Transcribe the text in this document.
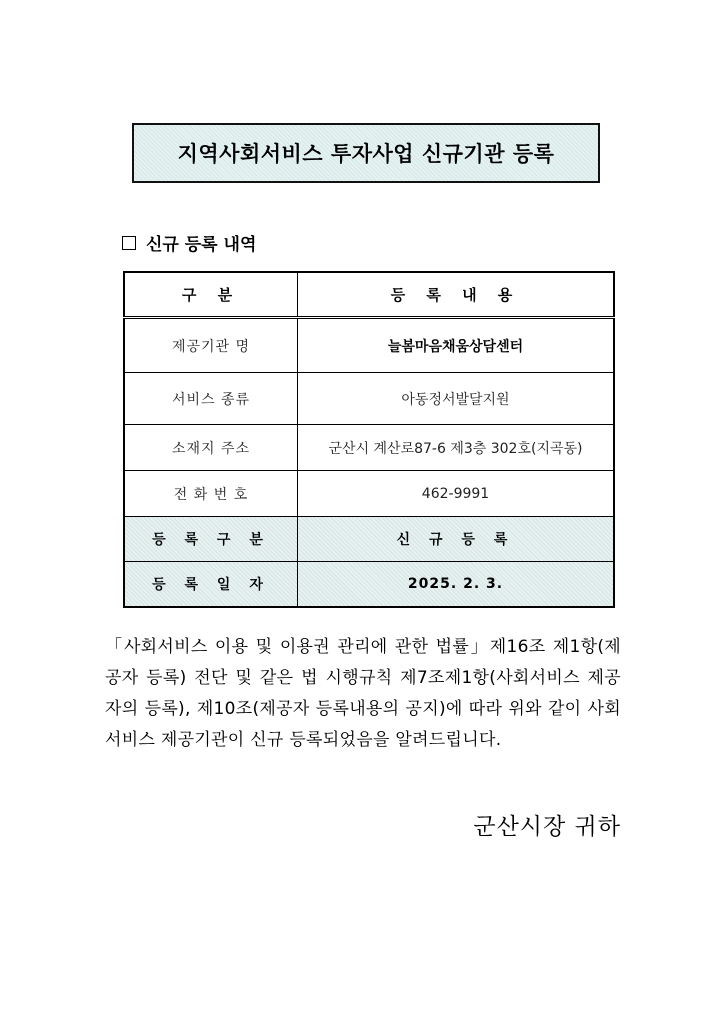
지역사회서비스 투자사업 신규기관 등록
신규 등록 내역
구 분	등 록 내 용
제공기관 명	늘봄마음채움상담센터
서비스 종류	아동정서발달지원
소재지 주소	군산시 계산로87-6 제3층 302호(지곡동)
전 화 번 호	462-9991
등 록 구 분	신 규 등 록
등 록 일 자	2025. 2. 3.
「사회서비스 이용 및 이용권 관리에 관한 법률」제16조 제1항(제공자 등록) 전단 및 같은 법 시행규칙 제7조제1항(사회서비스 제공자의 등록), 제10조(제공자 등록내용의 공지)에 따라 위와 같이 사회서비스 제공기관이 신규 등록되었음을 알려드립니다.
군산시장 귀하
